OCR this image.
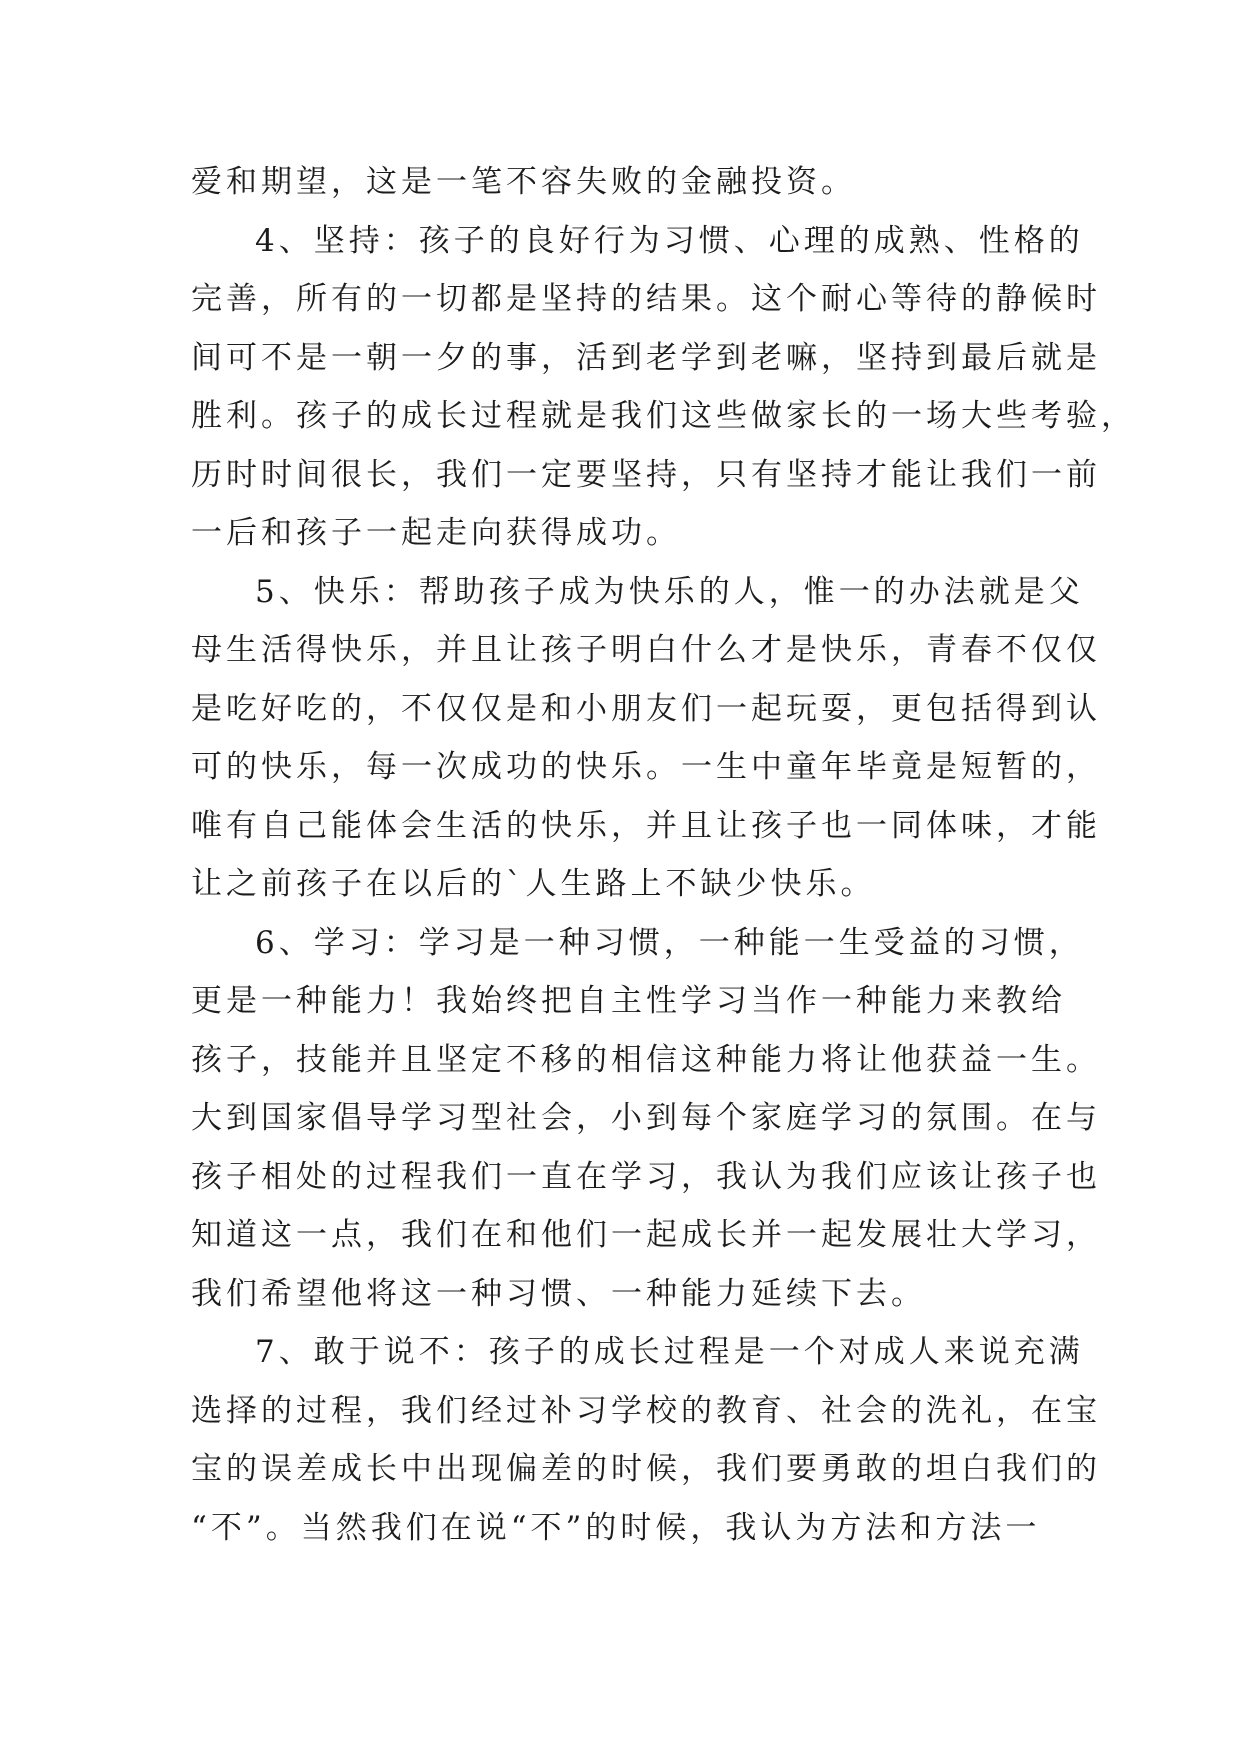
爱和期望，这是一笔不容失败的金融投资。
4、坚持：孩子的良好行为习惯、心理的成熟、性格的
完善，所有的一切都是坚持的结果。这个耐心等待的静候时
间可不是一朝一夕的事，活到老学到老嘛，坚持到最后就是
胜利。孩子的成长过程就是我们这些做家长的一场大些考验，
历时时间很长，我们一定要坚持，只有坚持才能让我们一前
一后和孩子一起走向获得成功。
5、快乐：帮助孩子成为快乐的人，惟一的办法就是父
母生活得快乐，并且让孩子明白什么才是快乐，青春不仅仅
是吃好吃的，不仅仅是和小朋友们一起玩耍，更包括得到认
可的快乐，每一次成功的快乐。一生中童年毕竟是短暂的，
唯有自己能体会生活的快乐，并且让孩子也一同体味，才能
让之前孩子在以后的`人生路上不缺少快乐。
6、学习：学习是一种习惯，一种能一生受益的习惯，
更是一种能力！我始终把自主性学习当作一种能力来教给
孩子，技能并且坚定不移的相信这种能力将让他获益一生。
大到国家倡导学习型社会，小到每个家庭学习的氛围。在与
孩子相处的过程我们一直在学习，我认为我们应该让孩子也
知道这一点，我们在和他们一起成长并一起发展壮大学习，
我们希望他将这一种习惯、一种能力延续下去。
7、敢于说不：孩子的成长过程是一个对成人来说充满
选择的过程，我们经过补习学校的教育、社会的洗礼，在宝
宝的误差成长中出现偏差的时候，我们要勇敢的坦白我们的
“不”。当然我们在说“不”的时候，我认为方法和方法一
